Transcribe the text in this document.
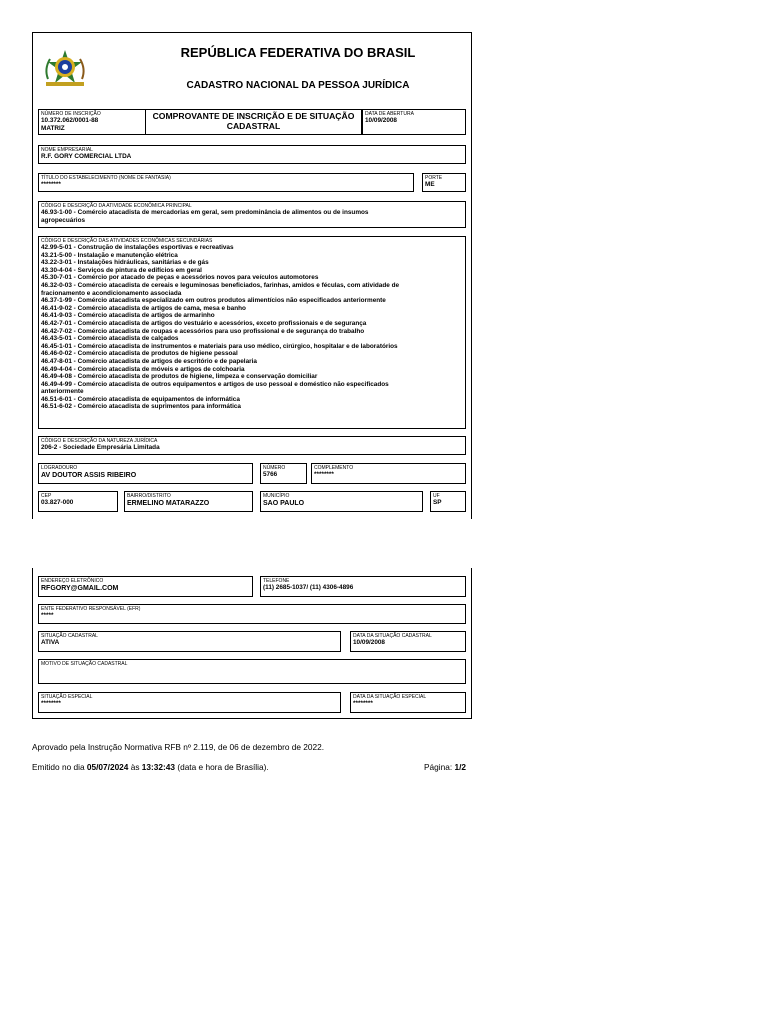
REPÚBLICA FEDERATIVA DO BRASIL
CADASTRO NACIONAL DA PESSOA JURÍDICA
NÚMERO DE INSCRIÇÃO
10.372.062/0001-88
MATRIZ
COMPROVANTE DE INSCRIÇÃO E DE SITUAÇÃO CADASTRAL
DATA DE ABERTURA
10/09/2008
NOME EMPRESARIAL
R.F. GORY COMERCIAL LTDA
TÍTULO DO ESTABELECIMENTO (NOME DE FANTASIA)
********
PORTE
ME
CÓDIGO E DESCRIÇÃO DA ATIVIDADE ECONÔMICA PRINCIPAL
46.93-1-00 - Comércio atacadista de mercadorias em geral, sem predominância de alimentos ou de insumos
agropecuários
CÓDIGO E DESCRIÇÃO DAS ATIVIDADES ECONÔMICAS SECUNDÁRIAS
42.99-5-01 - Construção de instalações esportivas e recreativas
43.21-5-00 - Instalação e manutenção elétrica
43.22-3-01 - Instalações hidráulicas, sanitárias e de gás
43.30-4-04 - Serviços de pintura de edifícios em geral
45.30-7-01 - Comércio por atacado de peças e acessórios novos para veículos automotores
46.32-0-03 - Comércio atacadista de cereais e leguminosas beneficiados, farinhas, amidos e féculas, com atividade de
fracionamento e acondicionamento associada
46.37-1-99 - Comércio atacadista especializado em outros produtos alimentícios não especificados anteriormente
46.41-9-02 - Comércio atacadista de artigos de cama, mesa e banho
46.41-9-03 - Comércio atacadista de artigos de armarinho
46.42-7-01 - Comércio atacadista de artigos do vestuário e acessórios, exceto profissionais e de segurança
46.42-7-02 - Comércio atacadista de roupas e acessórios para uso profissional e de segurança do trabalho
46.43-5-01 - Comércio atacadista de calçados
46.45-1-01 - Comércio atacadista de instrumentos e materiais para uso médico, cirúrgico, hospitalar e de laboratórios
46.46-0-02 - Comércio atacadista de produtos de higiene pessoal
46.47-8-01 - Comércio atacadista de artigos de escritório e de papelaria
46.49-4-04 - Comércio atacadista de móveis e artigos de colchoaria
46.49-4-08 - Comércio atacadista de produtos de higiene, limpeza e conservação domiciliar
46.49-4-99 - Comércio atacadista de outros equipamentos e artigos de uso pessoal e doméstico não especificados
anteriormente
46.51-6-01 - Comércio atacadista de equipamentos de informática
46.51-6-02 - Comércio atacadista de suprimentos para informática
CÓDIGO E DESCRIÇÃO DA NATUREZA JURÍDICA
206-2 - Sociedade Empresária Limitada
LOGRADOURO
AV DOUTOR ASSIS RIBEIRO
NÚMERO
5766
COMPLEMENTO
********
CEP
03.827-000
BAIRRO/DISTRITO
ERMELINO MATARAZZO
MUNICÍPIO
SAO PAULO
UF
SP
ENDEREÇO ELETRÔNICO
RFGORY@GMAIL.COM
TELEFONE
(11) 2685-1037/ (11) 4306-4896
ENTE FEDERATIVO RESPONSÁVEL (EFR)
*****
SITUAÇÃO CADASTRAL
ATIVA
DATA DA SITUAÇÃO CADASTRAL
10/09/2008
MOTIVO DE SITUAÇÃO CADASTRAL
SITUAÇÃO ESPECIAL
********
DATA DA SITUAÇÃO ESPECIAL
********
Aprovado pela Instrução Normativa RFB nº 2.119, de 06 de dezembro de 2022.
Emitido no dia 05/07/2024 às 13:32:43 (data e hora de Brasília).	Página: 1/2
